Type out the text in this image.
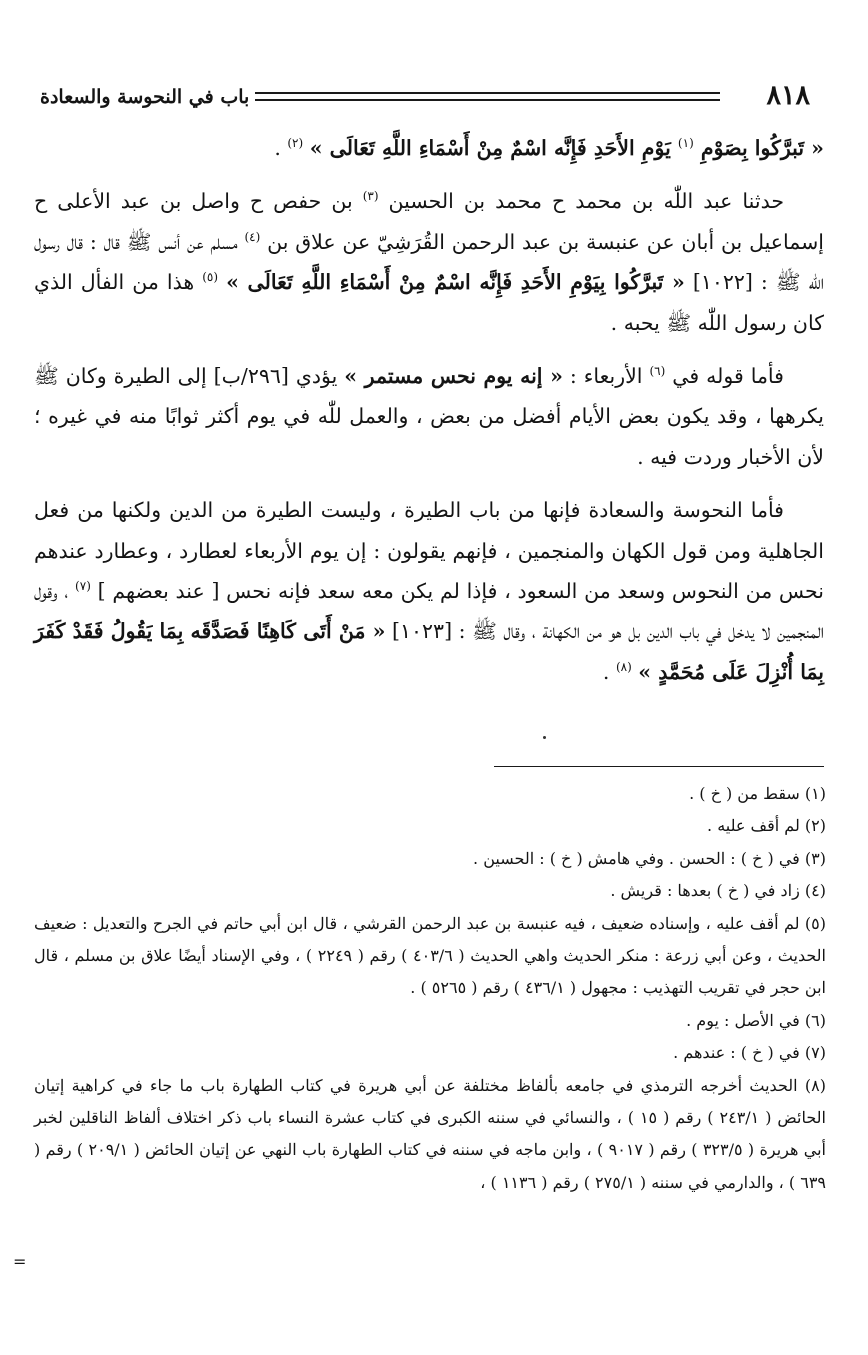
٨١٨
باب في النحوسة والسعادة

« تَبرَّكُوا بِصَوْمِ $^{(١)}$ يَوْمِ الأَحَدِ فَإِنَّه اسْمٌ مِنْ أَسْمَاءِ اللَّهِ تَعَالَى » $^{(٢)}$ .

حدثنا عبد اللّٰه بن محمد ح محمد بن الحسين $^{(٣)}$ بن حفص ح واصل بن عبد الأعلى ح إسماعيل بن أبان عن عنبسة بن عبد الرحمن القُرَشِيّ عن علاق بن $^{(٤)}$ مسلم عن أنس ﷺ قال : قال رسول اللّٰه ﷺ : [١٠٢٢] « تَبرَّكُوا بِيَوْمِ الأَحَدِ فَإِنَّه اسْمٌ مِنْ أَسْمَاءِ اللَّهِ تَعَالَى » $^{(٥)}$ هذا من الفأل الذي كان رسول اللّٰه ﷺ يحبه .

فأما قوله في $^{(٦)}$ الأربعاء : « إنه يوم نحس مستمر » يؤدي [٢٩٦/ب] إلى الطيرة وكان ﷺ يكرهها ، وقد يكون بعض الأيام أفضل من بعض ، والعمل للّٰه في يوم أكثر ثوابًا منه في غيره ؛ لأن الأخبار وردت فيه .

فأما النحوسة والسعادة فإنها من باب الطيرة ، وليست الطيرة من الدين ولكنها من فعل الجاهلية ومن قول الكهان والمنجمين ، فإنهم يقولون : إن يوم الأربعاء لعطارد ، وعطارد عندهم نحس من النحوس وسعد من السعود ، فإذا لم يكن معه سعد فإنه نحس [ عند بعضهم ] $^{(٧)}$ ، وقول المنجمين لا يدخل في باب الدين بل هو من الكهانة ، وقال ﷺ : [١٠٢٣] « مَنْ أَتَى كَاهِنًا فَصَدَّقَه بِمَا يَقُولُ فَقَدْ كَفَرَ بِمَا أُنْزِلَ عَلَى مُحَمَّدٍ » $^{(٨)}$ .

(١) سقط من ( خ ) .

(٢) لم أقف عليه .

(٣) في ( خ ) : الحسن . وفي هامش ( خ ) : الحسين .

(٤) زاد في ( خ ) بعدها : قريش .

(٥) لم أقف عليه ، وإسناده ضعيف ، فيه عنبسة بن عبد الرحمن القرشي ، قال ابن أبي حاتم في الجرح والتعديل : ضعيف الحديث ، وعن أبي زرعة : منكر الحديث واهي الحديث ( ٤٠٣/٦ ) رقم ( ٢٢٤٩ ) ، وفي الإسناد أيضًا علاق بن مسلم ، قال ابن حجر في تقريب التهذيب : مجهول ( ٤٣٦/١ ) رقم ( ٥٢٦٥ ) .

(٦) في الأصل : يوم .

(٧) في ( خ ) : عندهم .

(٨) الحديث أخرجه الترمذي في جامعه بألفاظ مختلفة عن أبي هريرة في كتاب الطهارة باب ما جاء في كراهية إتيان الحائض ( ٢٤٣/١ ) رقم ( ١٥ ) ، والنسائي في سننه الكبرى في كتاب عشرة النساء باب ذكر اختلاف ألفاظ الناقلين لخبر أبي هريرة ( ٣٢٣/٥ ) رقم ( ٩٠١٧ ) ، وابن ماجه في سننه في كتاب الطهارة باب النهي عن إتيان الحائض ( ٢٠٩/١ ) رقم ( ٦٣٩ ) ، والدارمي في سننه ( ٢٧٥/١ ) رقم ( ١١٣٦ ) ،

=
